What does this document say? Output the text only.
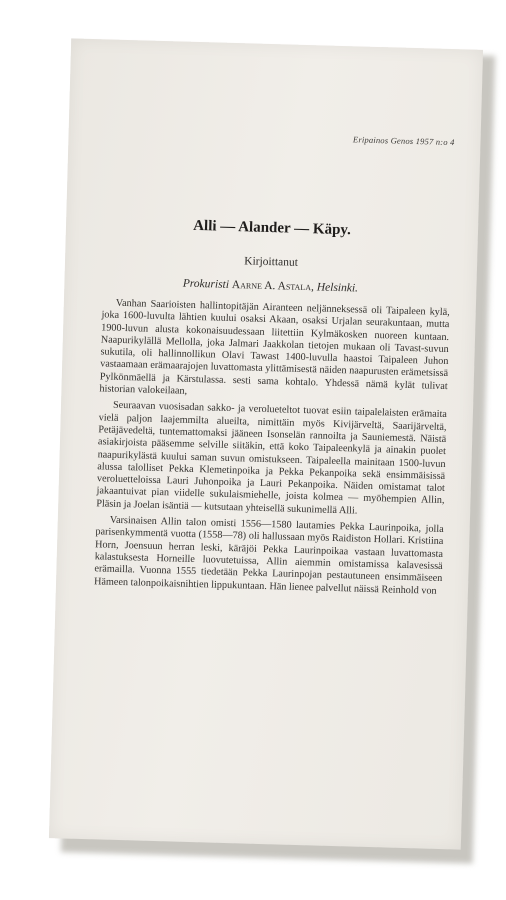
Eripainos Genos 1957 n:o 4
Alli — Alander — Käpy.
Kirjoittanut
Prokuristi Aarne A. Astala, Helsinki.

Vanhan Saarioisten hallintopitäjän Airanteen neljänneksessä oli Taipaleen kylä, joka 1600-luvulta lähtien kuului osaksi Akaan, osaksi Urjalan seurakuntaan, mutta 1900-luvun alusta kokonaisuudessaan liitettiin Kylmäkosken nuoreen kuntaan. Naapurikylällä Mellolla, joka Jalmari Jaakkolan tietojen mukaan oli Tavast-suvun sukutila, oli hallinnollikun Olavi Tawast 1400-luvulla haastoi Taipaleen Juhon vastaamaan erämaarajojen luvattomasta ylittämisestä näiden naapurusten erämetsissä Pylkönmäellä ja Kärstulassa. sesti sama kohtalo. Yhdessä nämä kylät tulivat historian valokeilaan,

Seuraavan vuosisadan sakko- ja verolueteltot tuovat esiin taipalelaisten erämaita vielä paljon laajemmilta alueilta, nimittäin myös Kivijärveltä, Saarijärveltä, Petäjävedeltä, tuntemattomaksi jääneen Isonselän rannoilta ja Sauniemestä. Näistä asiakirjoista pääsemme selville siitäkin, että koko Taipaleenkylä ja ainakin puolet naapurikylästä kuului saman suvun omistukseen. Taipaleella mainitaan 1500-luvun alussa talolliset Pekka Klemetinpoika ja Pekka Pekanpoika sekä ensimmäisissä veroluetteloissa Lauri Juhonpoika ja Lauri Pekanpoika. Näiden omistamat talot jakaantuivat pian viidelle sukulaismiehelle, joista kolmea — myöhempien Allin, Pläsin ja Joelan isäntiä — kutsutaan yhteisellä sukunimellä Alli.

Varsinaisen Allin talon omisti 1556—1580 lautamies Pekka Laurinpoika, jolla parisenkymmentä vuotta (1558—78) oli hallussaan myös Raidiston Hollari. Kristiina Horn, Joensuun herran leski, käräjöi Pekka Laurinpoikaa vastaan luvattomasta kalastuksesta Horneille luovutetuissa, Allin aiemmin omistamissa kalavesissä erämailla. Vuonna 1555 tiedetään Pekka Laurinpojan pestautuneen ensimmäiseen Hämeen talonpoikaisnihtien lippukuntaan. Hän lienee palvellut näissä Reinhold von
